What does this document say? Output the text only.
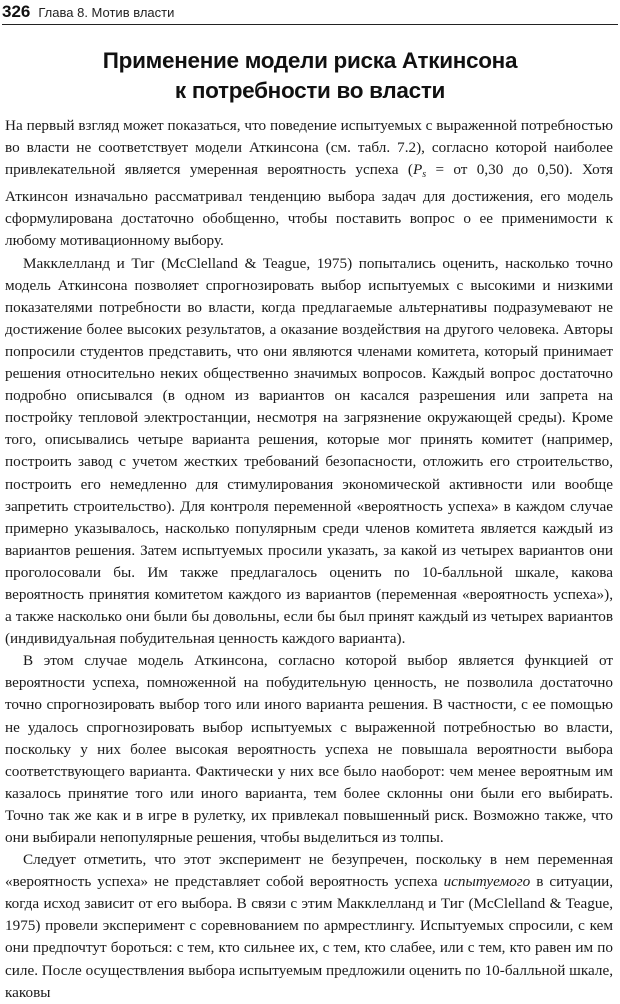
326 Глава 8. Мотив власти
Применение модели риска Аткинсона
к потребности во власти

На первый взгляд может показаться, что поведение испытуемых с выраженной потребностью во власти не соответствует модели Аткинсона (см. табл. 7.2), согласно которой наиболее привлекательной является умеренная вероятность успеха ($P_s$ = от 0,30 до 0,50). Хотя Аткинсон изначально рассматривал тенденцию выбора задач для достижения, его модель сформулирована достаточно обобщенно, чтобы поставить вопрос о ее применимости к любому мотивационному выбору.

Макклелланд и Тиг (McClelland & Teague, 1975) попытались оценить, насколько точно модель Аткинсона позволяет спрогнозировать выбор испытуемых с высокими и низкими показателями потребности во власти, когда предлагаемые альтернативы подразумевают не достижение более высоких результатов, а оказание воздействия на другого человека. Авторы попросили студентов представить, что они являются членами комитета, который принимает решения относительно неких общественно значимых вопросов. Каждый вопрос достаточно подробно описывался (в одном из вариантов он касался разрешения или запрета на постройку тепловой электростанции, несмотря на загрязнение окружающей среды). Кроме того, описывались четыре варианта решения, которые мог принять комитет (например, построить завод с учетом жестких требований безопасности, отложить его строительство, построить его немедленно для стимулирования экономической активности или вообще запретить строительство). Для контроля переменной «вероятность успеха» в каждом случае примерно указывалось, насколько популярным среди членов комитета является каждый из вариантов решения. Затем испытуемых просили указать, за какой из четырех вариантов они проголосовали бы. Им также предлагалось оценить по 10-балльной шкале, какова вероятность принятия комитетом каждого из вариантов (переменная «вероятность успеха»), а также насколько они были бы довольны, если бы был принят каждый из четырех вариантов (индивидуальная побудительная ценность каждого варианта).

В этом случае модель Аткинсона, согласно которой выбор является функцией от вероятности успеха, помноженной на побудительную ценность, не позволила достаточно точно спрогнозировать выбор того или иного варианта решения. В частности, с ее помощью не удалось спрогнозировать выбор испытуемых с выраженной потребностью во власти, поскольку у них более высокая вероятность успеха не повышала вероятности выбора соответствующего варианта. Фактически у них все было наоборот: чем менее вероятным им казалось принятие того или иного варианта, тем более склонны они были его выбирать. Точно так же как и в игре в рулетку, их привлекал повышенный риск. Возможно также, что они выбирали непопулярные решения, чтобы выделиться из толпы.

Следует отметить, что этот эксперимент не безупречен, поскольку в нем переменная «вероятность успеха» не представляет собой вероятность успеха испытуемого в ситуации, когда исход зависит от его выбора. В связи с этим Макклелланд и Тиг (McClelland & Teague, 1975) провели эксперимент с соревнованием по армрестлингу. Испытуемых спросили, с кем они предпочтут бороться: с тем, кто сильнее их, с тем, кто слабее, или с тем, кто равен им по силе. После осуществления выбора испытуемым предложили оценить по 10-балльной шкале, каковы
